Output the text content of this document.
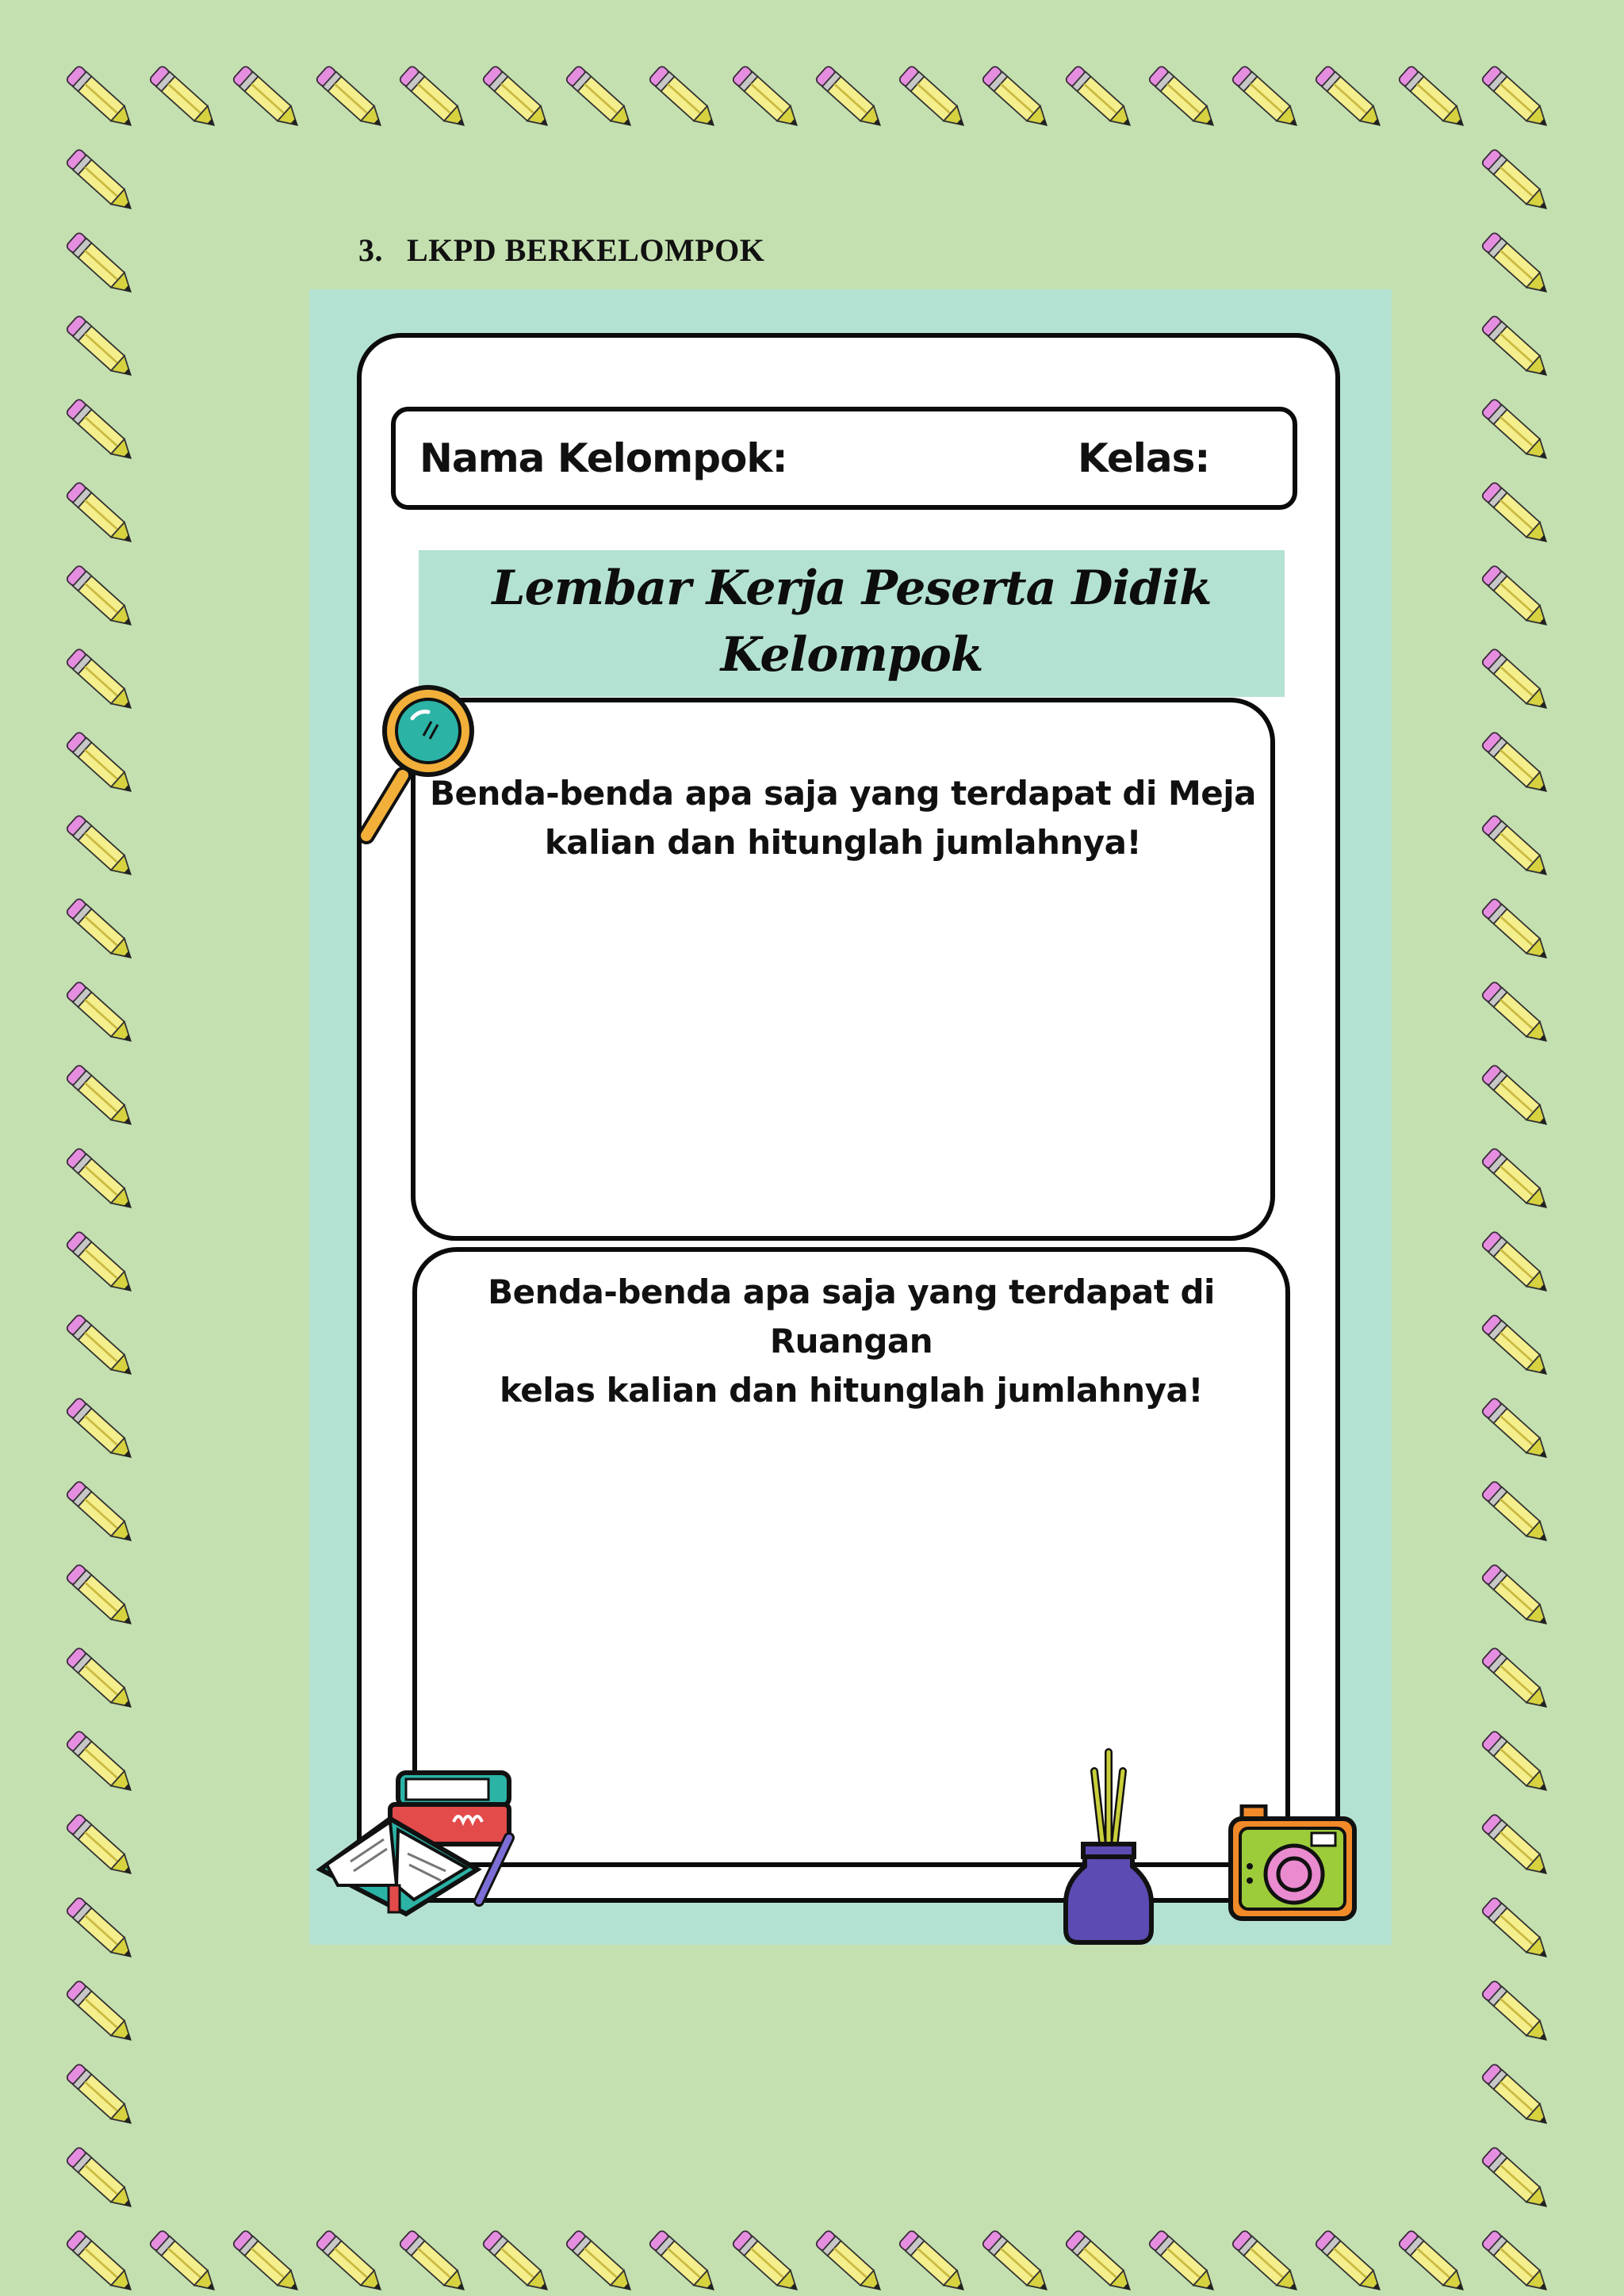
3. LKPD BERKELOMPOK
Nama Kelompok:	Kelas:
Lembar Kerja Peserta Didik
Kelompok
Benda-benda apa saja yang terdapat di Meja
kalian dan hitunglah jumlahnya!
Benda-benda apa saja yang terdapat di Ruangan
kelas kalian dan hitunglah jumlahnya!
